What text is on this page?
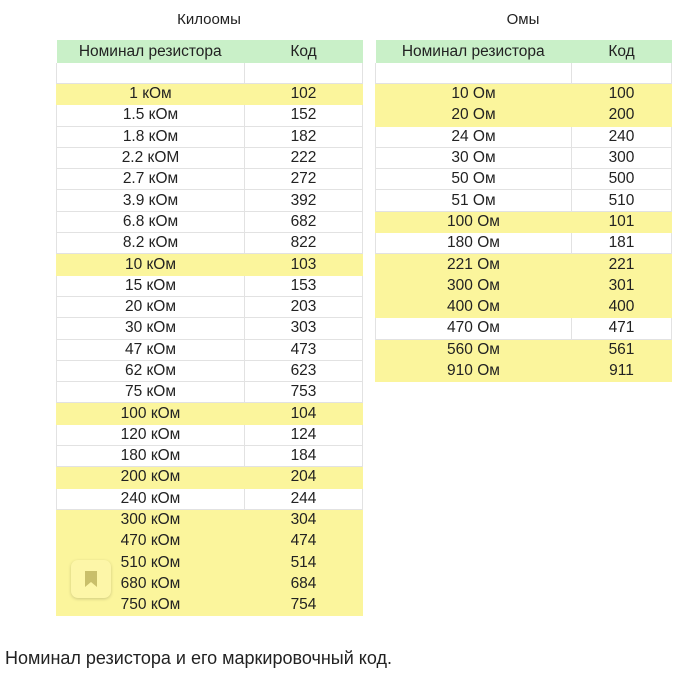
Килоомы	Омы
Номинал резистора	Код

1 кОм	102
1.5 кОм	152
1.8 кОм	182
2.2 кОМ	222
2.7 кОм	272
3.9 кОм	392
6.8 кОм	682
8.2 кОм	822
10 кОм	103
15 кОм	153
20 кОм	203
30 кОм	303
47 кОм	473
62 кОм	623
75 кОм	753
100 кОм	104
120 кОм	124
180 кОм	184
200 кОм	204
240 кОм	244
300 кОм	304
470 кОм	474
510 кОм	514
680 кОм	684
750 кОм	754
Номинал резистора	Код

10 Ом	100
20 Ом	200
24 Ом	240
30 Ом	300
50 Ом	500
51 Ом	510
100 Ом	101
180 Ом	181
221 Ом	221
300 Ом	301
400 Ом	400
470 Ом	471
560 Ом	561
910 Ом	911
Номинал резистора и его маркировочный код.
